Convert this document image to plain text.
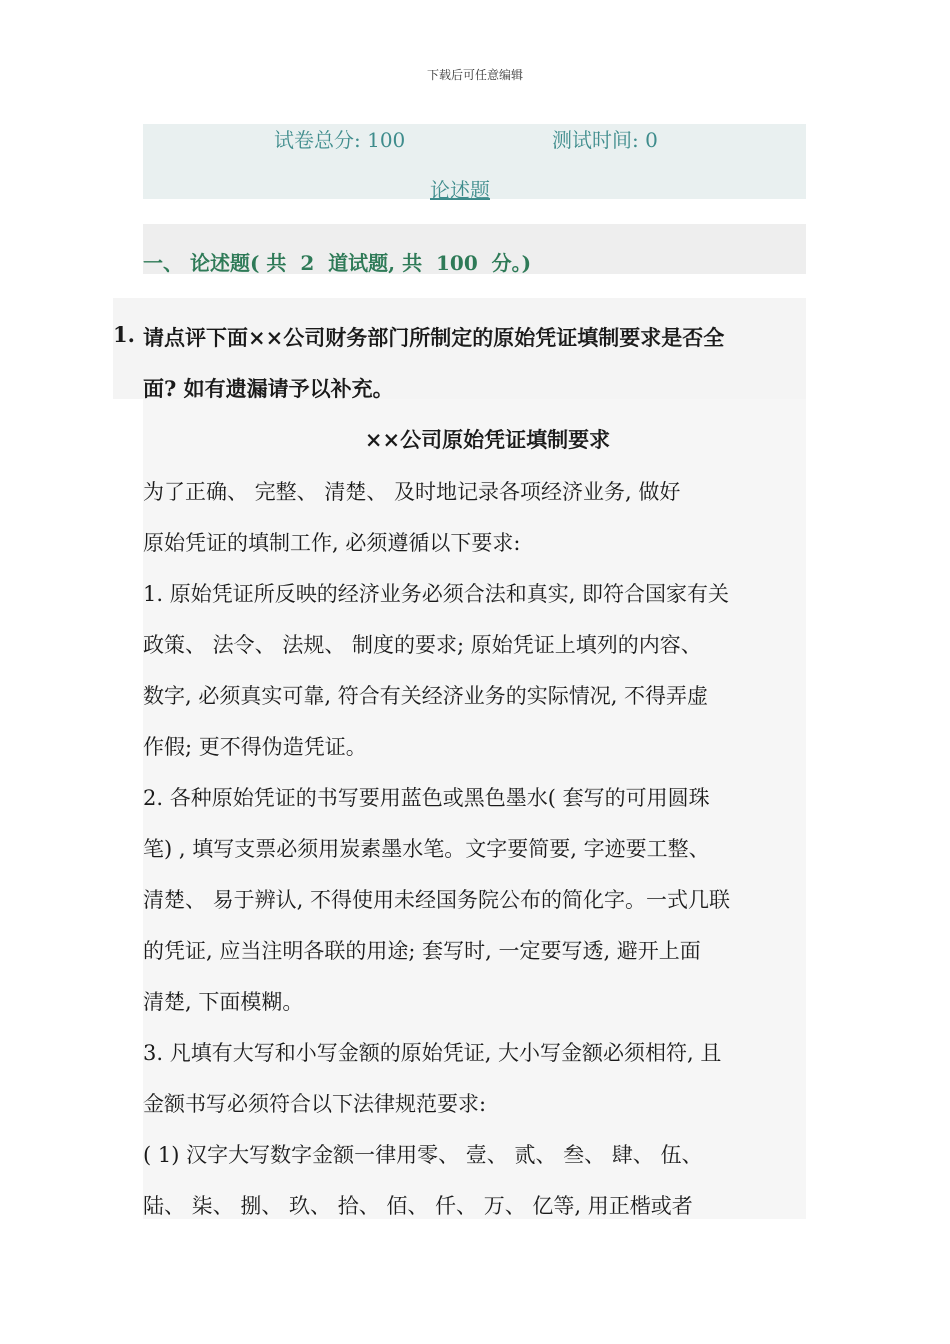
下载后可任意编辑
试卷总分: 100	测试时间: 0
论述题
一、 论述题( 共  2  道试题, 共  100  分。)
1. 请点评下面××公司财务部门所制定的原始凭证填制要求是否全
面? 如有遗漏请予以补充。
××公司原始凭证填制要求
为了正确、 完整、 清楚、 及时地记录各项经济业务, 做好
原始凭证的填制工作, 必须遵循以下要求:
1. 原始凭证所反映的经济业务必须合法和真实, 即符合国家有关
政策、 法令、 法规、 制度的要求; 原始凭证上填列的内容、
数字, 必须真实可靠, 符合有关经济业务的实际情况, 不得弄虚
作假; 更不得伪造凭证。
2. 各种原始凭证的书写要用蓝色或黑色墨水( 套写的可用圆珠
笔) , 填写支票必须用炭素墨水笔。文字要简要, 字迹要工整、
清楚、 易于辨认, 不得使用未经国务院公布的简化字。一式几联
的凭证, 应当注明各联的用途; 套写时, 一定要写透, 避开上面
清楚, 下面模糊。
3. 凡填有大写和小写金额的原始凭证, 大小写金额必须相符, 且
金额书写必须符合以下法律规范要求:
( 1) 汉字大写数字金额一律用零、 壹、 贰、 叁、 肆、 伍、
陆、 柒、 捌、 玖、 拾、 佰、 仟、 万、 亿等, 用正楷或者
